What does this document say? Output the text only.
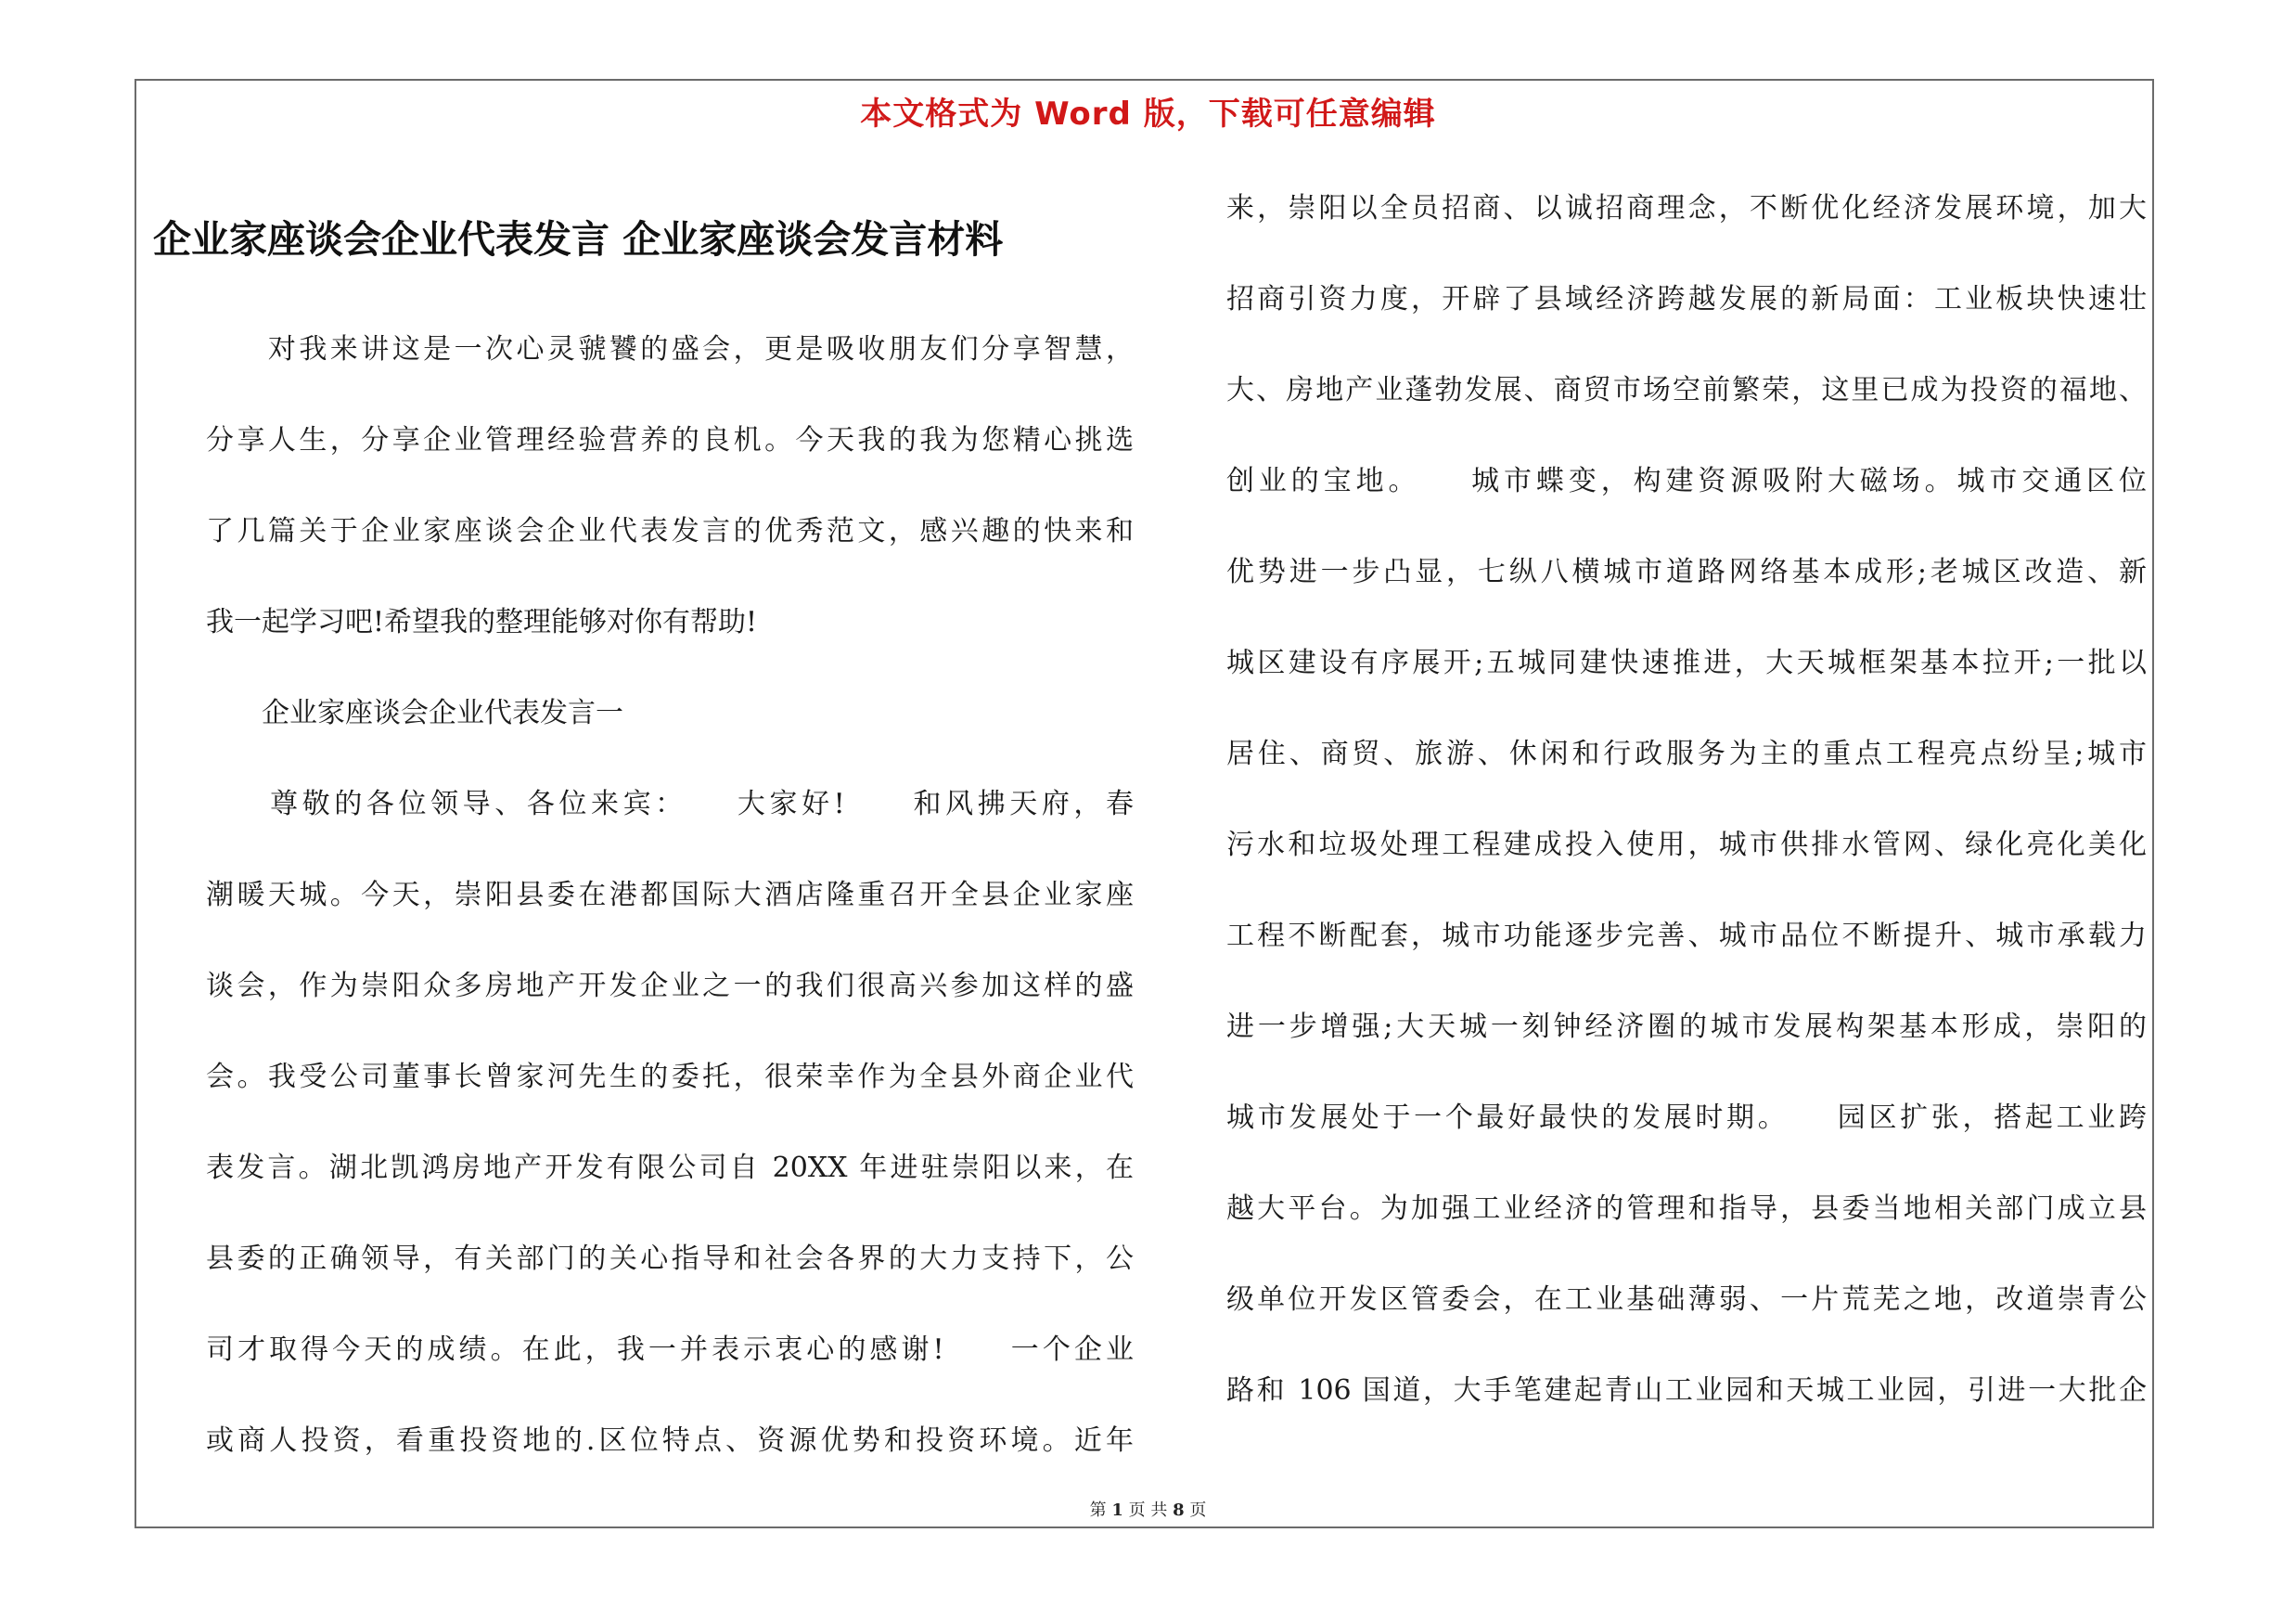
本文格式为 Word 版，下载可任意编辑
企业家座谈会企业代表发言 企业家座谈会发言材料
　　对我来讲这是一次心灵虢饕的盛会，更是吸收朋友们分享智慧，
分享人生，分享企业管理经验营养的良机。今天我的我为您精心挑选
了几篇关于企业家座谈会企业代表发言的优秀范文，感兴趣的快来和
我一起学习吧!希望我的整理能够对你有帮助!
　　企业家座谈会企业代表发言一
　　尊敬的各位领导、各位来宾：　　大家好!　　和风拂天府，春
潮暖天城。今天，崇阳县委在港都国际大酒店隆重召开全县企业家座
谈会，作为崇阳众多房地产开发企业之一的我们很高兴参加这样的盛
会。我受公司董事长曾家河先生的委托，很荣幸作为全县外商企业代
表发言。湖北凯鸿房地产开发有限公司自 20XX 年进驻崇阳以来，在
县委的正确领导，有关部门的关心指导和社会各界的大力支持下，公
司才取得今天的成绩。在此，我一并表示衷心的感谢!　　一个企业
或商人投资，看重投资地的.区位特点、资源优势和投资环境。近年
来，崇阳以全员招商、以诚招商理念，不断优化经济发展环境，加大
招商引资力度，开辟了县域经济跨越发展的新局面：工业板块快速壮
大、房地产业蓬勃发展、商贸市场空前繁荣，这里已成为投资的福地、
创业的宝地。　　城市蝶变，构建资源吸附大磁场。城市交通区位
优势进一步凸显，七纵八横城市道路网络基本成形;老城区改造、新
城区建设有序展开;五城同建快速推进，大天城框架基本拉开;一批以
居住、商贸、旅游、休闲和行政服务为主的重点工程亮点纷呈;城市
污水和垃圾处理工程建成投入使用，城市供排水管网、绿化亮化美化
工程不断配套，城市功能逐步完善、城市品位不断提升、城市承载力
进一步增强;大天城一刻钟经济圈的城市发展构架基本形成，崇阳的
城市发展处于一个最好最快的发展时期。　　园区扩张，搭起工业跨
越大平台。为加强工业经济的管理和指导，县委当地相关部门成立县
级单位开发区管委会，在工业基础薄弱、一片荒芜之地，改道崇青公
路和 106 国道，大手笔建起青山工业园和天城工业园，引进一大批企
第 1 页 共 8 页
